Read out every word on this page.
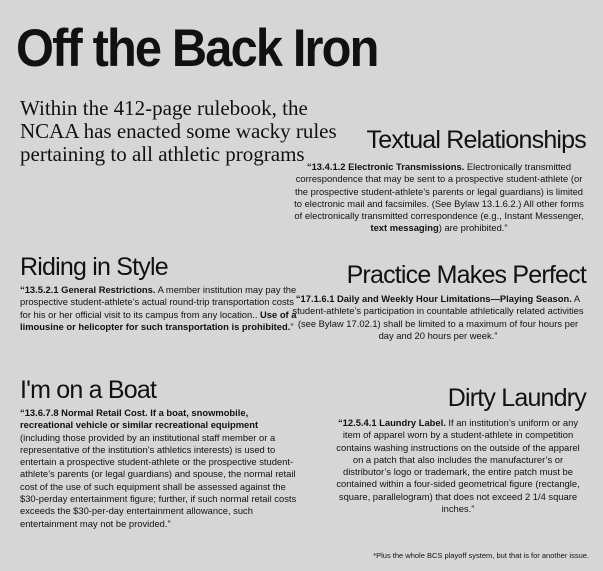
Off the Back Iron

Within the 412-page rulebook, the NCAA has enacted some wacky rules pertaining to all athletic programs	Textual Relationships

“13.4.1.2 Electronic Transmissions. Electronically transmitted correspondence that may be sent to a prospective student-athlete (or the prospective student-athlete’s parents or legal guardians) is limited to electronic mail and facsimiles. (See Bylaw 13.1.6.2.) All other forms of electronically transmitted correspondence (e.g., Instant Messenger, text messaging) are prohibited.”

Practice Makes Perfect

“17.1.6.1 Daily and Weekly Hour Limitations—Playing Season. A student-athlete’s participation in countable athletically related activities (see Bylaw 17.02.1) shall be limited to a maximum of four hours per day and 20 hours per week.”

Dirty Laundry

“12.5.4.1 Laundry Label. If an institution’s uniform or any item of apparel worn by a student-athlete in competition contains washing instructions on the outside of the apparel on a patch that also includes the manufacturer’s or distributor’s logo or trademark, the entire patch must be contained within a four-sided geometrical figure (rectangle, square, parallelogram) that does not exceed 2 1/4 square inches.”

Riding in Style

“13.5.2.1 General Restrictions. A member institution may pay the prospective student-athlete’s actual round-trip transportation costs for his or her official visit to its campus from any location.. Use of a limousine or helicopter for such transportation is prohibited.”

I'm on a Boat

“13.6.7.8 Normal Retail Cost. If a boat, snowmobile, recreational vehicle or similar recreational equipment (including those provided by an institutional staff member or a representative of the institution’s athletics interests) is used to entertain a prospective student-athlete or the prospective student-athlete’s parents (or legal guardians) and spouse, the normal retail cost of the use of such equipment shall be assessed against the $30-perday entertainment figure; further, if such normal retail costs exceeds the $30-per-day entertainment allowance, such entertainment may not be provided.”

*Plus the whole BCS playoff system, but that is for another issue.
